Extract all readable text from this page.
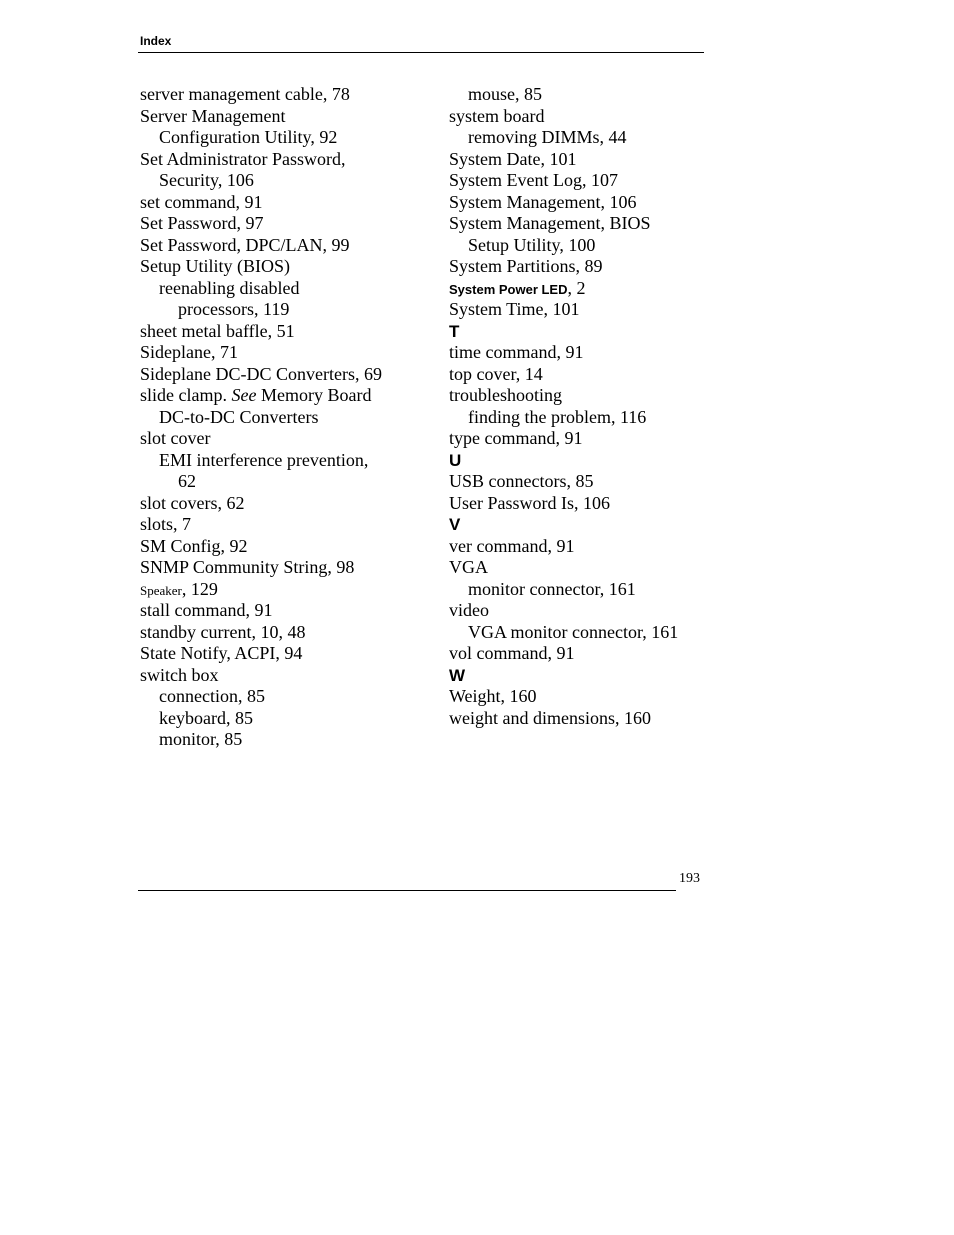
Index
server management cable, 78
Server Management
Configuration Utility, 92
Set Administrator Password,
Security, 106
set command, 91
Set Password, 97
Set Password, DPC/LAN, 99
Setup Utility (BIOS)
reenabling disabled
processors, 119
sheet metal baffle, 51
Sideplane, 71
Sideplane DC-DC Converters, 69
slide clamp. See Memory Board
DC-to-DC Converters
slot cover
EMI interference prevention,
62
slot covers, 62
slots, 7
SM Config, 92
SNMP Community String, 98
Speaker, 129
stall command, 91
standby current, 10, 48
State Notify, ACPI, 94
switch box
connection, 85
keyboard, 85
monitor, 85
mouse, 85
system board
removing DIMMs, 44
System Date, 101
System Event Log, 107
System Management, 106
System Management, BIOS
Setup Utility, 100
System Partitions, 89
System Power LED, 2
System Time, 101
T
time command, 91
top cover, 14
troubleshooting
finding the problem, 116
type command, 91
U
USB connectors, 85
User Password Is, 106
V
ver command, 91
VGA
monitor connector, 161
video
VGA monitor connector, 161
vol command, 91
W
Weight, 160
weight and dimensions, 160
193
